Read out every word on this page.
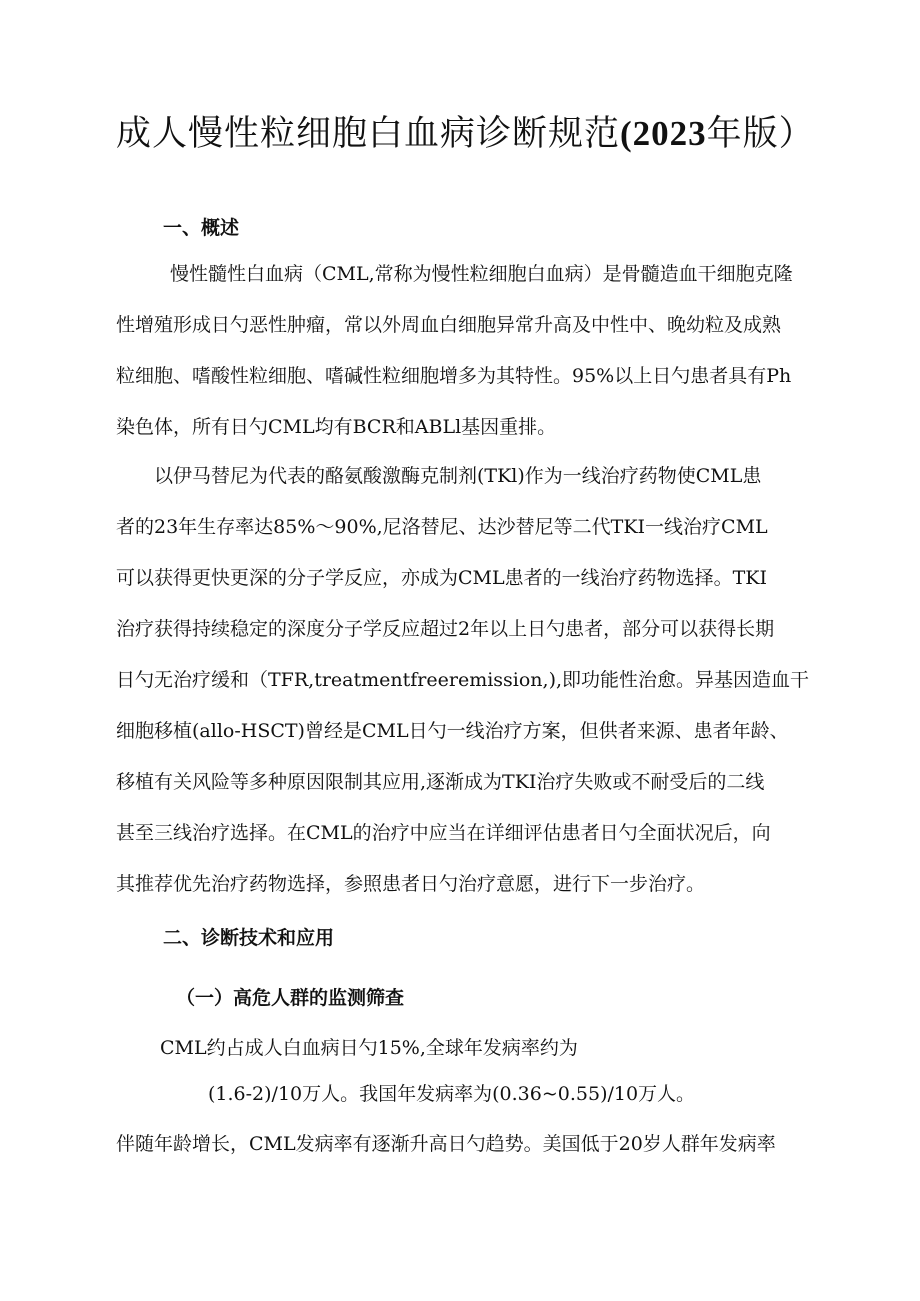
成人慢性粒细胞白血病诊断规范(2023年版）
一、概述
慢性髓性白血病（CML,常称为慢性粒细胞白血病）是骨髓造血干细胞克隆
性增殖形成日勺恶性肿瘤，常以外周血白细胞异常升高及中性中、晚幼粒及成熟
粒细胞、嗜酸性粒细胞、嗜碱性粒细胞增多为其特性。95%以上日勺患者具有Ph
染色体，所有日勺CML均有BCR和ABLl基因重排。
以伊马替尼为代表的酪氨酸激酶克制剂(TKl)作为一线治疗药物使CML患
者的23年生存率达85%～90%,尼洛替尼、达沙替尼等二代TKI一线治疗CML
可以获得更快更深的分子学反应，亦成为CML患者的一线治疗药物选择。TKI
治疗获得持续稳定的深度分子学反应超过2年以上日勺患者，部分可以获得长期
日勺无治疗缓和（TFR,treatmentfreeremission,),即功能性治愈。异基因造血干
细胞移植(allo-HSCT)曾经是CML日勺一线治疗方案，但供者来源、患者年龄、
移植有关风险等多种原因限制其应用,逐渐成为TKI治疗失败或不耐受后的二线
甚至三线治疗选择。在CML的治疗中应当在详细评估患者日勺全面状况后，向
其推荐优先治疗药物选择，参照患者日勺治疗意愿，进行下一步治疗。
二、诊断技术和应用
（一）高危人群的监测筛查

CML约占成人白血病日勺15%,全球年发病率约为

(1.6-2)/10万人。我国年发病率为(0.36~0.55)/10万人。

伴随年龄增长，CML发病率有逐渐升高日勺趋势。美国低于20岁人群年发病率
